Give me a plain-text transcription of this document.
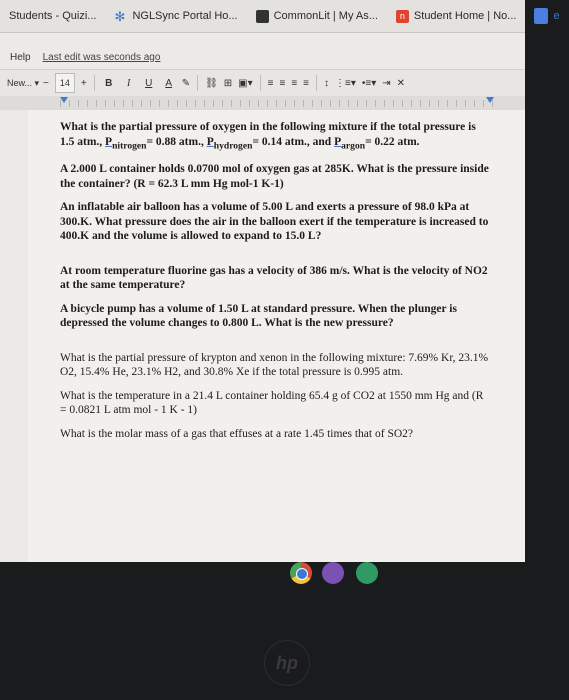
Students - Quizi... ✻ NGLSync Portal Ho...	CommonLit | My As...	n Student Home | No...	e
Help Last edit was seconds ago
New... ▾ −	14	+	B	I	U	A ✎ ⛓ ⊞ ▣▾ ≡ ≡ ≡ ≡ ↕ ⋮≡▾ •≡▾ ⇥ ✕

What is the partial pressure of oxygen in the following mixture if the total pressure is 1.5 atm., $P_{nitrogen}= 0.88$ atm., $P_{hydrogen}= 0.14$ atm., and $P_{argon}= 0.22$ atm.

A 2.000 L container holds 0.0700 mol of oxygen gas at 285K. What is the pressure inside the container? (R = 62.3 L mm Hg mol-1 K-1)

An inflatable air balloon has a volume of 5.00 L and exerts a pressure of 98.0 kPa at 300.K. What pressure does the air in the balloon exert if the temperature is increased to 400.K and the volume is allowed to expand to 15.0 L?

At room temperature fluorine gas has a velocity of 386 m/s. What is the velocity of NO2 at the same temperature?

A bicycle pump has a volume of 1.50 L at standard pressure. When the plunger is depressed the volume changes to 0.800 L. What is the new pressure?

What is the partial pressure of krypton and xenon in the following mixture: 7.69% Kr, 23.1% O2, 15.4% He, 23.1% H2, and 30.8% Xe if the total pressure is 0.995 atm.

What is the temperature in a 21.4 L container holding 65.4 g of CO2 at 1550 mm Hg and (R = 0.0821 L atm mol - 1 K - 1)

What is the molar mass of a gas that effuses at a rate 1.45 times that of SO2?

hp
